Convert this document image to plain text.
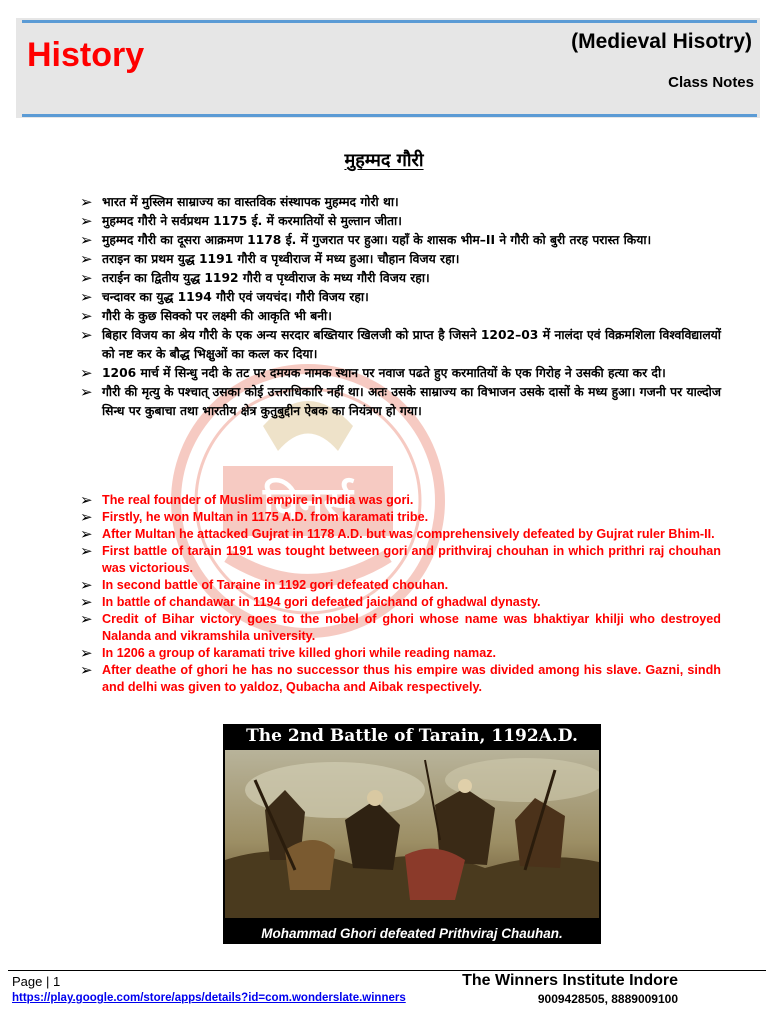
History	(Medieval Hisotry)
Class Notes
विनर्स
मुहम्मद गौरी
➢ भारत में मुस्लिम साम्राज्य का वास्तविक संस्थापक मुहम्मद गोरी था।
➢ मुहम्मद गौरी ने सर्वप्रथम 1175 ई. में करमातियों से मुल्तान जीता।
➢ मुहम्मद गौरी का दूसरा आक्रमण 1178 ई. में गुजरात पर हुआ। यहाँ के शासक भीम–II ने गौरी को बुरी तरह परास्त किया।
➢ तराइन का प्रथम युद्ध 1191 गौरी व पृथ्वीराज में मध्य हुआ। चौहान विजय रहा।
➢ तराईन का द्वितीय युद्ध 1192 गौरी व पृथ्वीराज के मध्य गौरी विजय रहा।
➢ चन्दावर का युद्ध 1194 गौरी एवं जयचंद। गौरी विजय रहा।
➢ गौरी के कुछ सिक्को पर लक्ष्मी की आकृति भी बनी।
➢ बिहार विजय का श्रेय गौरी के एक अन्य सरदार बख्तियार खिलजी को प्राप्त है जिसने 1202–03 में नालंदा एवं विक्रमशिला विश्वविद्यालयों को नष्ट कर के बौद्ध भिक्षुओं का कत्ल कर दिया।
➢ 1206 मार्च में सिन्धु नदी के तट पर दमयक नामक स्थान पर नवाज पढते हुए करमातियों के एक गिरोह ने उसकी हत्या कर दी।
➢ गौरी की मृत्यु के पश्चात् उसका कोई उत्तराधिकारि नहीं था। अतः उसके साम्राज्य का विभाजन उसके दासों के मध्य हुआ। गजनी पर याल्दोज सिन्ध पर कुबाचा तथा भारतीय क्षेत्र कुतुबुद्दीन ऐबक का नियंत्रण हो गया।
➢ The real founder of Muslim empire in India was gori.
➢ Firstly, he won Multan in 1175 A.D. from karamati tribe.
➢ After Multan he attacked Gujrat in 1178 A.D. but was comprehensively defeated by Gujrat ruler Bhim-II.
➢ First battle of tarain 1191 was tought between gori and prithviraj chouhan in which prithri raj chouhan was victorious.
➢ In second battle of Taraine in 1192 gori defeated chouhan.
➢ In battle of chandawar in 1194 gori defeated jaichand of ghadwal dynasty.
➢ Credit of Bihar victory goes to the nobel of ghori whose name was bhaktiyar khilji who destroyed Nalanda and vikramshila university.
➢ In 1206 a group of karamati trive killed ghori while reading namaz.
➢ After deathe of ghori he has no successor thus his empire was divided among his slave. Gazni, sindh and delhi was given to yaldoz, Qubacha and Aibak respectively.
The 2nd Battle of Tarain, 1192A.D.
Mohammad Ghori defeated Prithviraj Chauhan.
Page | 1
https://play.google.com/store/apps/details?id=com.wonderslate.winners
The Winners Institute Indore
9009428505, 8889009100
